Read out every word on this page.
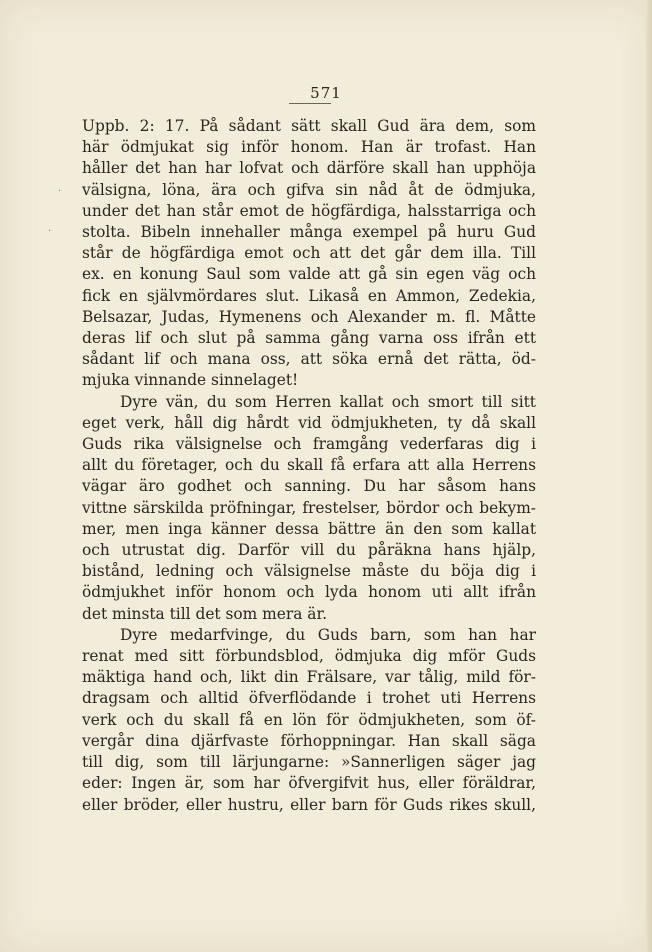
571
·
·
Uppb. 2: 17. På sådant sätt skall Gud ära dem, som
här ödmjukat sig inför honom. Han är trofast. Han
håller det han har lofvat och därföre skall han upphöja
välsigna, löna, ära och gifva sin nåd åt de ödmjuka,
under det han står emot de högfärdiga, halsstarriga och
stolta. Bibeln innehaller många exempel på huru Gud
står de högfärdiga emot och att det går dem illa. Till
ex. en konung Saul som valde att gå sin egen väg och
fick en självmördares slut. Likaså en Ammon, Zedekia,
Belsazar, Judas, Hymenens och Alexander m. fl. Måtte
deras lif och slut på samma gång varna oss ifrån ett
sådant lif och mana oss, att söka ernå det rätta, öd-
mjuka vinnande sinnelaget!
Dyre vän, du som Herren kallat och smort till sitt
eget verk, håll dig hårdt vid ödmjukheten, ty då skall
Guds rika välsignelse och framgång vederfaras dig i
allt du företager, och du skall få erfara att alla Herrens
vägar äro godhet och sanning. Du har såsom hans
vittne särskilda pröfningar, frestelser, bördor och bekym-
mer, men inga känner dessa bättre än den som kallat
och utrustat dig. Darför vill du påräkna hans hjälp,
bistånd, ledning och välsignelse måste du böja dig i
ödmjukhet inför honom och lyda honom uti allt ifrån
det minsta till det som mera är.
Dyre medarfvinge, du Guds barn, som han har
renat med sitt förbundsblod, ödmjuka dig mför Guds
mäktiga hand och, likt din Frälsare, var tålig, mild för-
dragsam och alltid öfverflödande i trohet uti Herrens
verk och du skall få en lön för ödmjukheten, som öf-
vergår dina djärfvaste förhoppningar. Han skall säga
till dig, som till lärjungarne: »Sannerligen säger jag
eder: Ingen är, som har öfvergifvit hus, eller föräldrar,
eller bröder, eller hustru, eller barn för Guds rikes skull,
